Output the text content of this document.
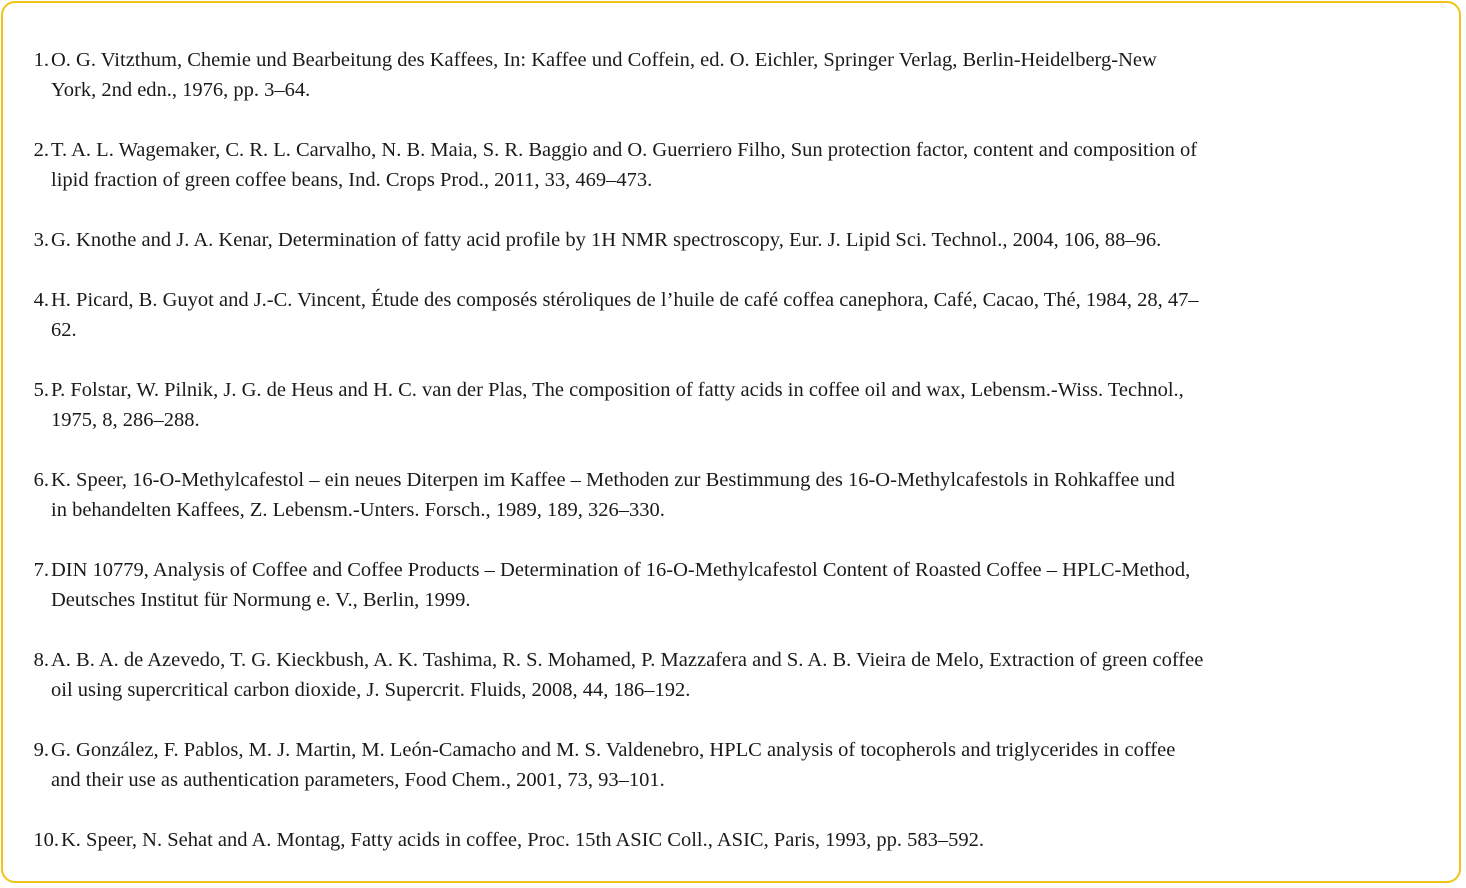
1. O. G. Vitzthum, Chemie und Bearbeitung des Kaffees, In: Kaffee und Coffein, ed. O. Eichler, Springer Verlag, Berlin-Heidelberg-New
York, 2nd edn., 1976, pp. 3–64.
2. T. A. L. Wagemaker, C. R. L. Carvalho, N. B. Maia, S. R. Baggio and O. Guerriero Filho, Sun protection factor, content and composition of
lipid fraction of green coffee beans, Ind. Crops Prod., 2011, 33, 469–473.
3. G. Knothe and J. A. Kenar, Determination of fatty acid profile by 1H NMR spectroscopy, Eur. J. Lipid Sci. Technol., 2004, 106, 88–96.
4. H. Picard, B. Guyot and J.-C. Vincent, Étude des composés stéroliques de l’huile de café coffea canephora, Café, Cacao, Thé, 1984, 28, 47–
62.
5. P. Folstar, W. Pilnik, J. G. de Heus and H. C. van der Plas, The composition of fatty acids in coffee oil and wax, Lebensm.-Wiss. Technol.,
1975, 8, 286–288.
6. K. Speer, 16-O-Methylcafestol – ein neues Diterpen im Kaffee – Methoden zur Bestimmung des 16-O-Methylcafestols in Rohkaffee und
in behandelten Kaffees, Z. Lebensm.-Unters. Forsch., 1989, 189, 326–330.
7. DIN 10779, Analysis of Coffee and Coffee Products – Determination of 16-O-Methylcafestol Content of Roasted Coffee – HPLC-Method,
Deutsches Institut für Normung e. V., Berlin, 1999.
8. A. B. A. de Azevedo, T. G. Kieckbush, A. K. Tashima, R. S. Mohamed, P. Mazzafera and S. A. B. Vieira de Melo, Extraction of green coffee
oil using supercritical carbon dioxide, J. Supercrit. Fluids, 2008, 44, 186–192.
9. G. González, F. Pablos, M. J. Martin, M. León-Camacho and M. S. Valdenebro, HPLC analysis of tocopherols and triglycerides in coffee
and their use as authentication parameters, Food Chem., 2001, 73, 93–101.
10. K. Speer, N. Sehat and A. Montag, Fatty acids in coffee, Proc. 15th ASIC Coll., ASIC, Paris, 1993, pp. 583–592.
